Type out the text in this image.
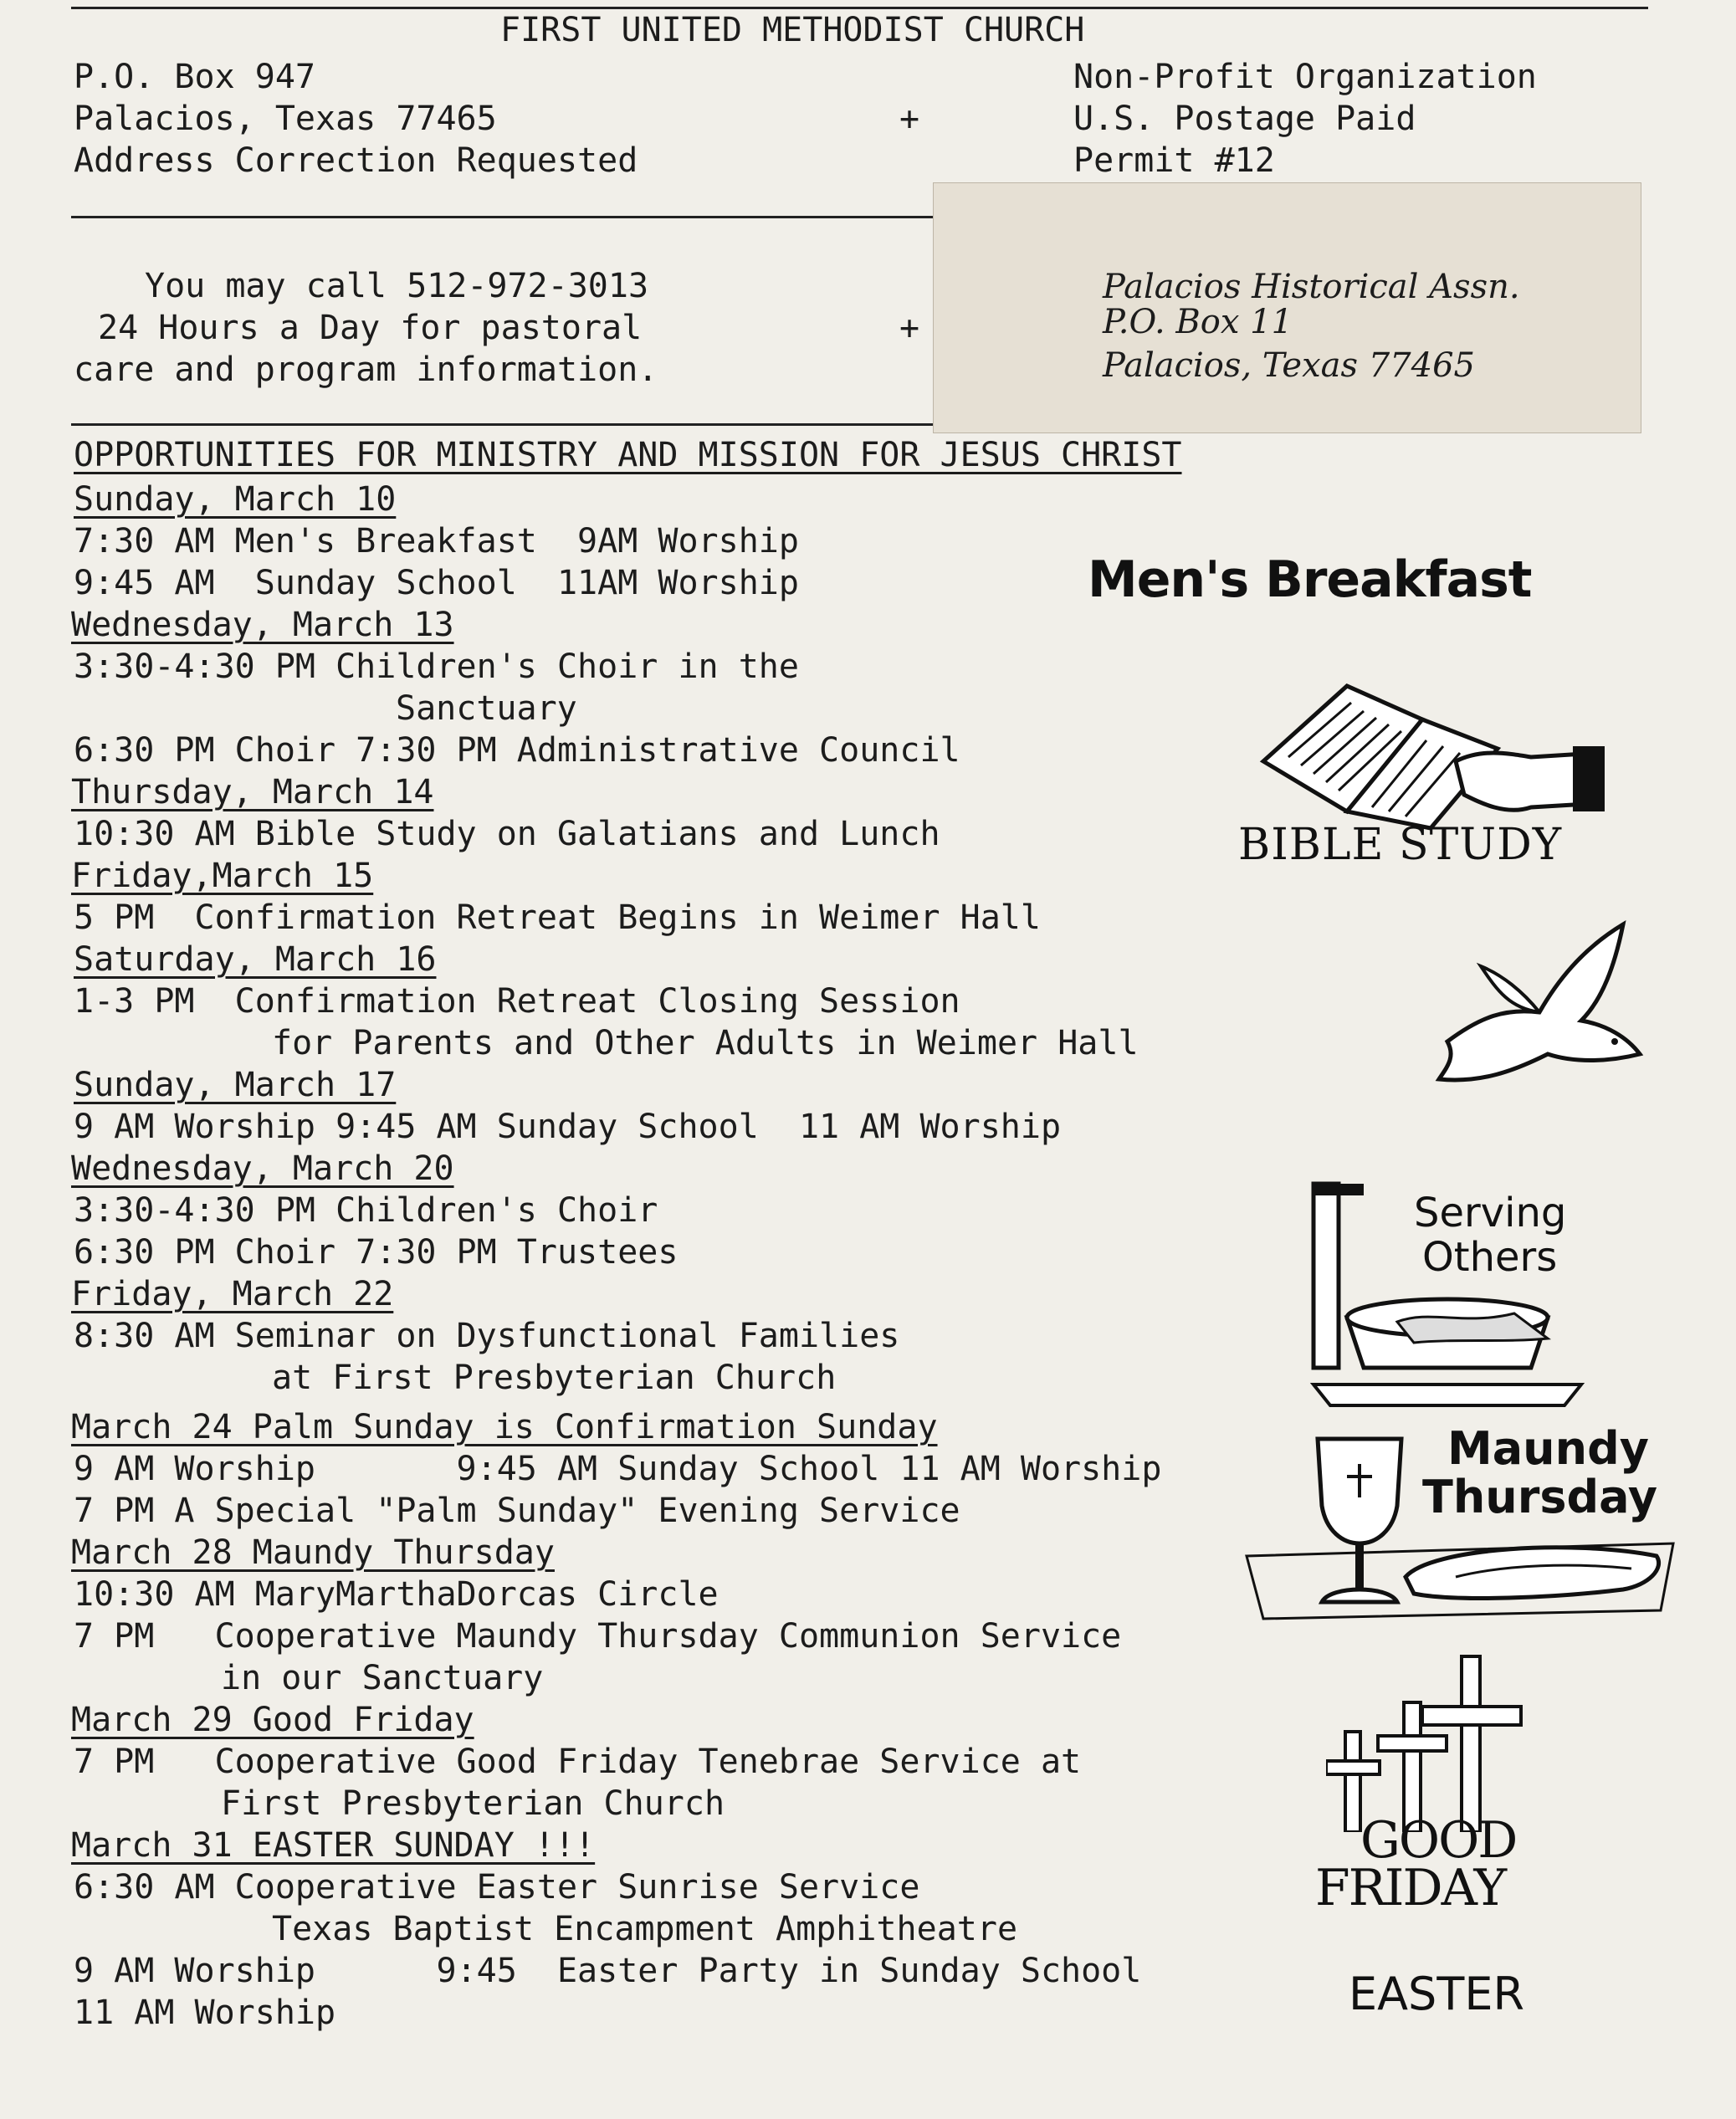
FIRST UNITED METHODIST CHURCH
P.O. Box 947
Palacios, Texas 77465
Address Correction Requested
+
Non-Profit Organization
U.S. Postage Paid
Permit #12
You may call 512-972-3013
24 Hours a Day for pastoral
care and program information.
+
Palacios Historical Assn.
P.O. Box 11
Palacios, Texas 77465
OPPORTUNITIES FOR MINISTRY AND MISSION FOR JESUS CHRIST
Sunday, March 10
7:30 AM Men's Breakfast  9AM Worship
9:45 AM  Sunday School  11AM Worship
Wednesday, March 13
3:30-4:30 PM Children's Choir in the
Sanctuary
6:30 PM Choir 7:30 PM Administrative Council
Thursday, March 14
10:30 AM Bible Study on Galatians and Lunch
Friday,March 15
5 PM  Confirmation Retreat Begins in Weimer Hall
Saturday, March 16
1-3 PM  Confirmation Retreat Closing Session
for Parents and Other Adults in Weimer Hall
Sunday, March 17
9 AM Worship 9:45 AM Sunday School  11 AM Worship
Wednesday, March 20
3:30-4:30 PM Children's Choir
6:30 PM Choir 7:30 PM Trustees
Friday, March 22
8:30 AM Seminar on Dysfunctional Families
at First Presbyterian Church
March 24 Palm Sunday is Confirmation Sunday
9 AM Worship       9:45 AM Sunday School 11 AM Worship
7 PM A Special "Palm Sunday" Evening Service
March 28 Maundy Thursday
10:30 AM MaryMarthaDorcas Circle
7 PM   Cooperative Maundy Thursday Communion Service
in our Sanctuary
March 29 Good Friday
7 PM   Cooperative Good Friday Tenebrae Service at
First Presbyterian Church
March 31 EASTER SUNDAY !!!
6:30 AM Cooperative Easter Sunrise Service
Texas Baptist Encampment Amphitheatre
9 AM Worship      9:45  Easter Party in Sunday School
11 AM Worship
Men's Breakfast
BIBLE STUDY
Serving
Others
Maundy
Thursday
GOOD
FRIDAY
EASTER
